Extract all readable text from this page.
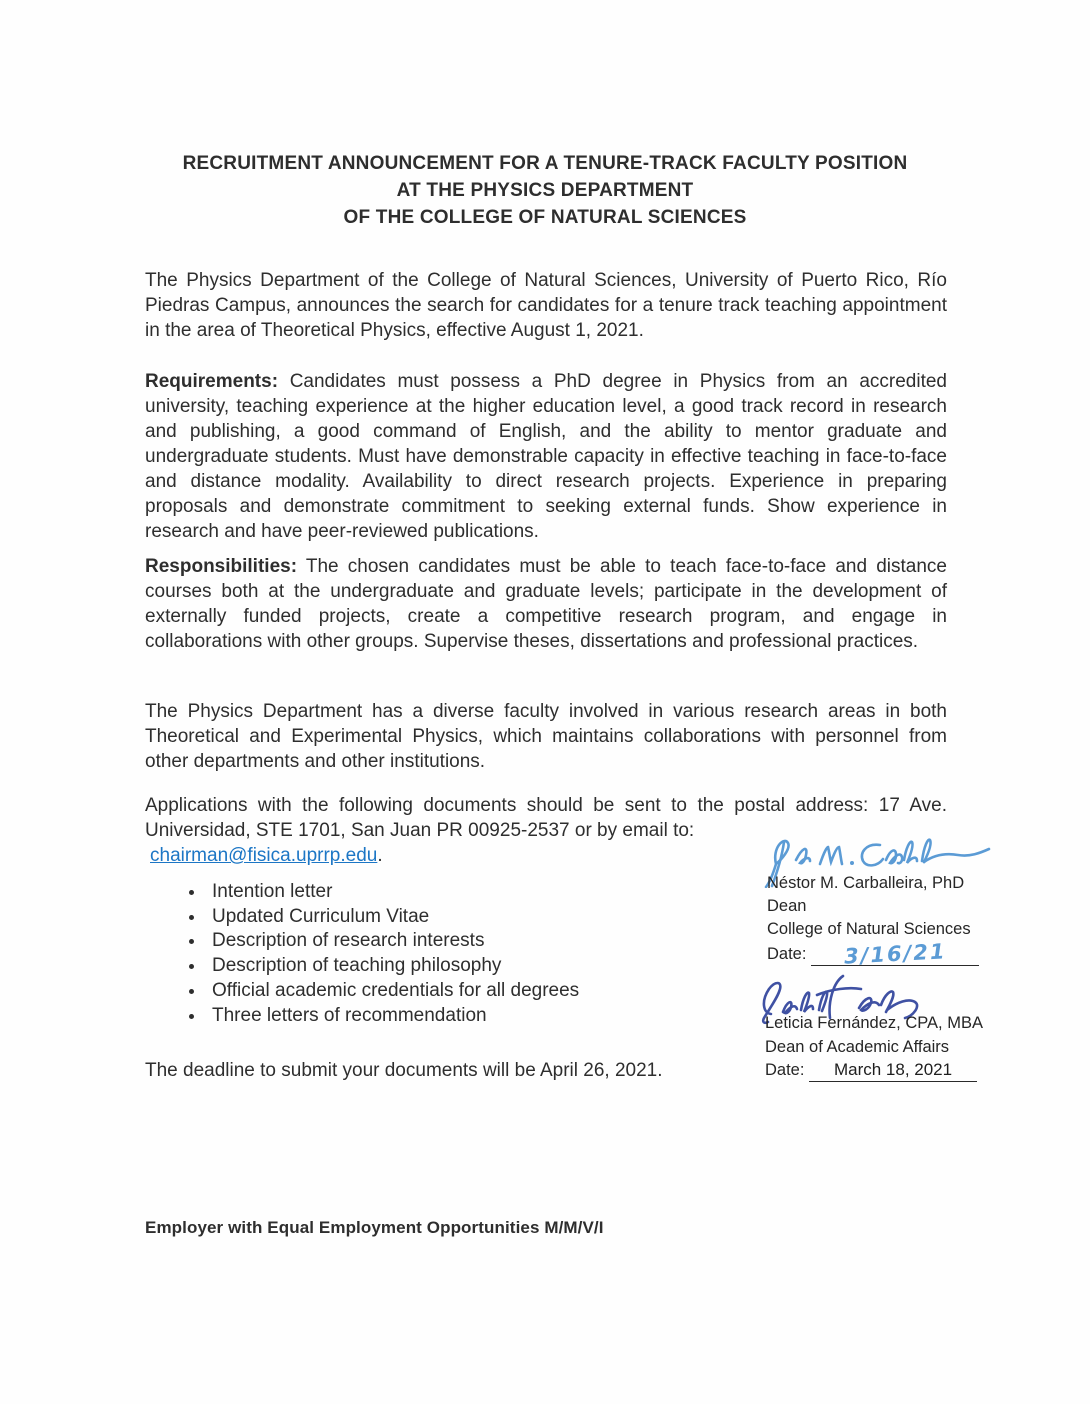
RECRUITMENT ANNOUNCEMENT FOR A TENURE-TRACK FACULTY POSITION
AT THE PHYSICS DEPARTMENT
OF THE COLLEGE OF NATURAL SCIENCES
The Physics Department of the College of Natural Sciences, University of Puerto Rico, Río Piedras Campus, announces the search for candidates for a tenure track teaching appointment in the area of Theoretical Physics, effective August 1, 2021.
Requirements: Candidates must possess a PhD degree in Physics from an accredited university, teaching experience at the higher education level, a good track record in research and publishing, a good command of English, and the ability to mentor graduate and undergraduate students. Must have demonstrable capacity in effective teaching in face-to-face and distance modality. Availability to direct research projects. Experience in preparing proposals and demonstrate commitment to seeking external funds. Show experience in research and have peer-reviewed publications.
Responsibilities: The chosen candidates must be able to teach face-to-face and distance courses both at the undergraduate and graduate levels; participate in the development of externally funded projects, create a competitive research program, and engage in collaborations with other groups. Supervise theses, dissertations and professional practices.
The Physics Department has a diverse faculty involved in various research areas in both Theoretical and Experimental Physics, which maintains collaborations with personnel from other departments and other institutions.
Applications with the following documents should be sent to the postal address: 17 Ave. Universidad, STE 1701, San Juan PR 00925-2537 or by email to:
chairman@fisica.uprrp.edu.
• Intention letter
• Updated Curriculum Vitae
• Description of research interests
• Description of teaching philosophy
• Official academic credentials for all degrees
• Three letters of recommendation
The deadline to submit your documents will be April 26, 2021.
Néstor M. Carballeira, PhD
Dean
College of Natural Sciences
Date: 3/16/21
Leticia Fernández, CPA, MBA
Dean of Academic Affairs
Date: March 18, 2021
Employer with Equal Employment Opportunities M/M/V/I
